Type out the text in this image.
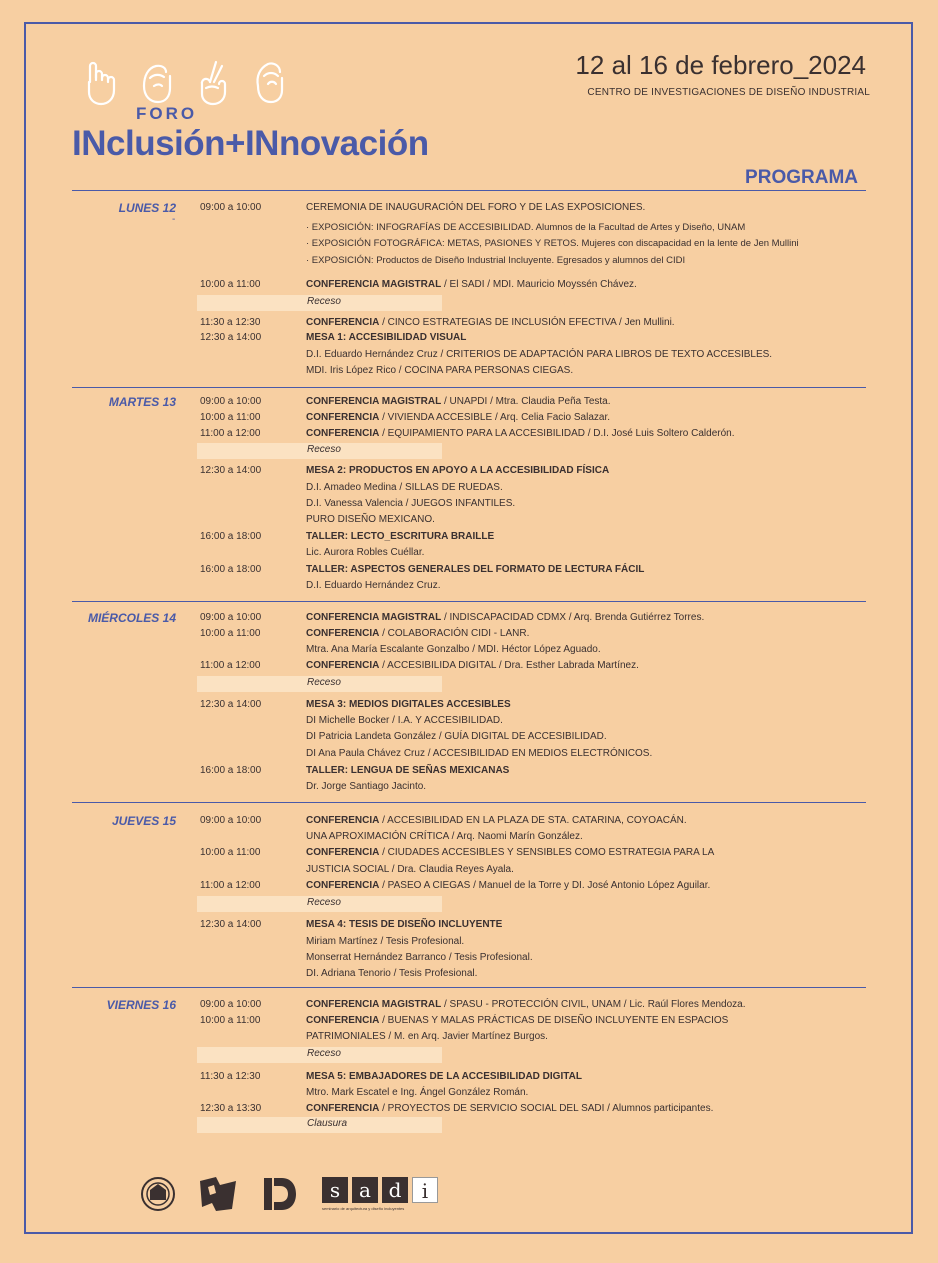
FORO
INclusión+INnovación
12 al 16 de febrero_2024
CENTRO DE INVESTIGACIONES DE DISEÑO INDUSTRIAL
PROGRAMA
LUNES 12
-
09:00 a 10:00	CEREMONIA DE INAUGURACIÓN DEL FORO Y DE LAS EXPOSICIONES.
· EXPOSICIÓN: INFOGRAFÍAS DE ACCESIBILIDAD. Alumnos de la Facultad de Artes y Diseño, UNAM
· EXPOSICIÓN FOTOGRÁFICA: METAS, PASIONES Y RETOS. Mujeres con discapacidad en la lente de Jen Mullini
· EXPOSICIÓN: Productos de Diseño Industrial Incluyente. Egresados y alumnos del CIDI
10:00 a 11:00	CONFERENCIA MAGISTRAL / El SADI / MDI. Mauricio Moyssén Chávez.
Receso
11:30 a 12:30	CONFERENCIA / CINCO ESTRATEGIAS DE INCLUSIÓN EFECTIVA / Jen Mullini.
12:30 a 14:00	MESA 1: ACCESIBILIDAD VISUAL
D.I. Eduardo Hernández Cruz / CRITERIOS DE ADAPTACIÓN PARA LIBROS DE TEXTO ACCESIBLES.
MDI. Iris López Rico / COCINA PARA PERSONAS CIEGAS.
MARTES 13 09:00 a 10:00	CONFERENCIA MAGISTRAL / UNAPDI / Mtra. Claudia Peña Testa.
10:00 a 11:00	CONFERENCIA / VIVIENDA ACCESIBLE / Arq. Celia Facio Salazar.
11:00 a 12:00	CONFERENCIA / EQUIPAMIENTO PARA LA ACCESIBILIDAD / D.I. José Luis Soltero Calderón.
Receso
12:30 a 14:00	MESA 2: PRODUCTOS EN APOYO A LA ACCESIBILIDAD FÍSICA
D.I. Amadeo Medina / SILLAS DE RUEDAS.
D.I. Vanessa Valencia / JUEGOS INFANTILES.
PURO DISEÑO MEXICANO.
16:00 a 18:00	TALLER: LECTO_ESCRITURA BRAILLE
Lic. Aurora Robles Cuéllar.
16:00 a 18:00	TALLER: ASPECTOS GENERALES DEL FORMATO DE LECTURA FÁCIL
D.I. Eduardo Hernández Cruz.
MIÉRCOLES 14 09:00 a 10:00	CONFERENCIA MAGISTRAL / INDISCAPACIDAD CDMX / Arq. Brenda Gutiérrez Torres.
10:00 a 11:00	CONFERENCIA / COLABORACIÓN CIDI - LANR.
Mtra. Ana María Escalante Gonzalbo / MDI. Héctor López Aguado.
11:00 a 12:00	CONFERENCIA / ACCESIBILIDA DIGITAL / Dra. Esther Labrada Martínez.
Receso
12:30 a 14:00	MESA 3: MEDIOS DIGITALES ACCESIBLES
DI Michelle Bocker / I.A. Y ACCESIBILIDAD.
DI Patricia Landeta González / GUÍA DIGITAL DE ACCESIBILIDAD.
DI Ana Paula Chávez Cruz / ACCESIBILIDAD EN MEDIOS ELECTRÓNICOS.
16:00 a 18:00	TALLER: LENGUA DE SEÑAS MEXICANAS
Dr. Jorge Santiago Jacinto.
JUEVES 15 09:00 a 10:00	CONFERENCIA / ACCESIBILIDAD EN LA PLAZA DE STA. CATARINA, COYOACÁN.
UNA APROXIMACIÓN CRÍTICA / Arq. Naomi Marín González.
10:00 a 11:00	CONFERENCIA / CIUDADES ACCESIBLES Y SENSIBLES COMO ESTRATEGIA PARA LA
JUSTICIA SOCIAL / Dra. Claudia Reyes Ayala.
11:00 a 12:00	CONFERENCIA / PASEO A CIEGAS / Manuel de la Torre y DI. José Antonio López Aguilar.
Receso
12:30 a 14:00	MESA 4: TESIS DE DISEÑO INCLUYENTE
Miriam Martínez / Tesis Profesional.
Monserrat Hernández Barranco / Tesis Profesional.
DI. Adriana Tenorio / Tesis Profesional.
VIERNES 16 09:00 a 10:00	CONFERENCIA MAGISTRAL / SPASU - PROTECCIÓN CIVIL, UNAM / Lic. Raúl Flores Mendoza.
10:00 a 11:00	CONFERENCIA / BUENAS Y MALAS PRÁCTICAS DE DISEÑO INCLUYENTE EN ESPACIOS
PATRIMONIALES / M. en Arq. Javier Martínez Burgos.
Receso
11:30 a 12:30	MESA 5: EMBAJADORES DE LA ACCESIBILIDAD DIGITAL
Mtro. Mark Escatel e Ing. Ángel González Román.
12:30 a 13:30	CONFERENCIA / PROYECTOS DE SERVICIO SOCIAL DEL SADI / Alumnos participantes.
Clausura
s a d	i
seminario de arquitectura y diseño incluyentes
